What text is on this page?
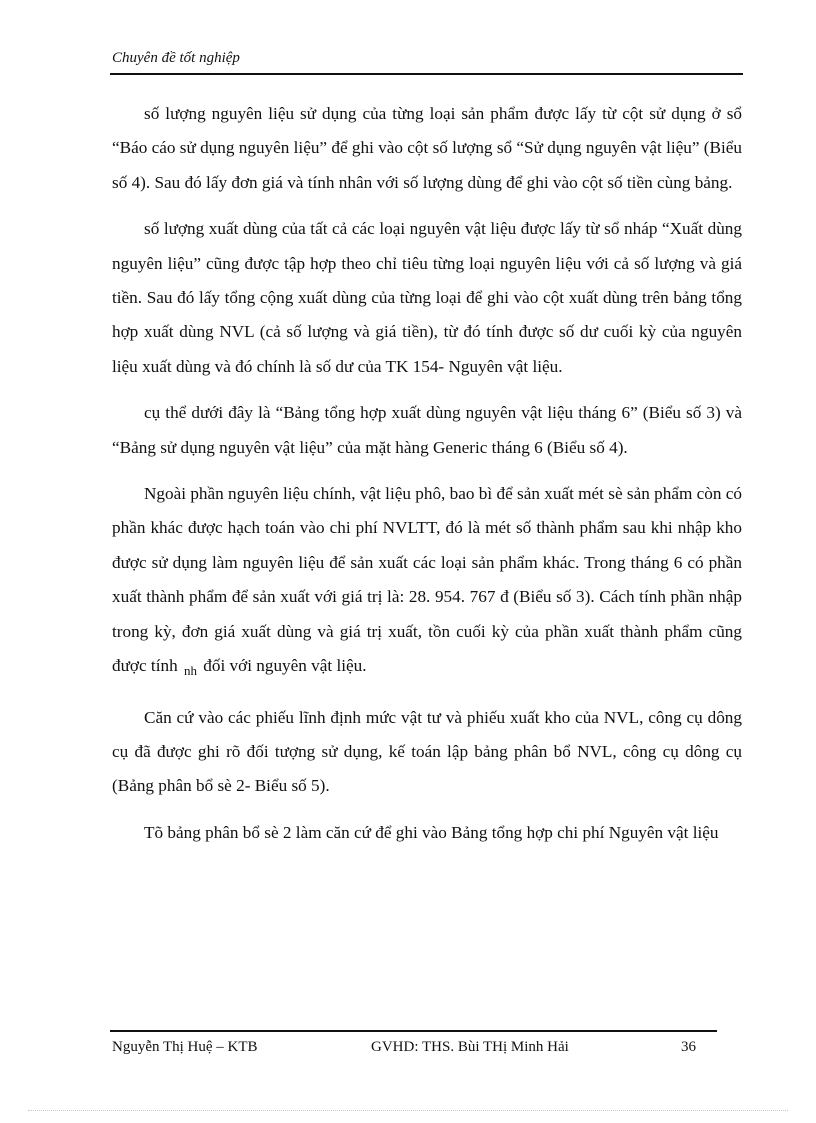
Chuyên đề tốt nghiệp

số lượng nguyên liệu sử dụng của từng loại sản phẩm được lấy từ cột sử dụng ở sổ “Báo cáo sử dụng nguyên liệu” để ghi vào cột số lượng sổ “Sử dụng nguyên vật liệu” (Biểu số 4). Sau đó lấy đơn giá và tính nhân với số lượng dùng để ghi vào cột số tiền cùng bảng.

số lượng xuất dùng của tất cả các loại nguyên vật liệu được lấy từ sổ nháp “Xuất dùng nguyên liệu” cũng được tập hợp theo chỉ tiêu từng loại nguyên liệu với cả số lượng và giá tiền. Sau đó lấy tổng cộng xuất dùng của từng loại để ghi vào cột xuất dùng trên bảng tổng hợp xuất dùng NVL (cả số lượng và giá tiền), từ đó tính được số dư cuối kỳ của nguyên liệu xuất dùng và đó chính là số dư của TK 154- Nguyên vật liệu.

cụ thể dưới đây là “Bảng tổng hợp xuất dùng nguyên vật liệu tháng 6” (Biểu số 3) và “Bảng sử dụng nguyên vật liệu” của mặt hàng Generic tháng 6 (Biểu số 4).

Ngoài phần nguyên liệu chính, vật liệu phô, bao bì để sản xuất mét sè sản phẩm còn có phần khác được hạch toán vào chi phí NVLTT, đó là mét số thành phẩm sau khi nhập kho được sử dụng làm nguyên liệu để sản xuất các loại sản phẩm khác. Trong tháng 6 có phần xuất thành phẩm để sản xuất với giá trị là: 28. 954. 767 đ (Biểu số 3). Cách tính phần nhập trong kỳ, đơn giá xuất dùng và giá trị xuất, tồn cuối kỳ của phần xuất thành phẩm cũng được tính $_{nh}$ đối với nguyên vật liệu.

Căn cứ vào các phiếu lĩnh định mức vật tư và phiếu xuất kho của NVL, công cụ dông cụ đã được ghi rõ đối tượng sử dụng, kế toán lập bảng phân bổ NVL, công cụ dông cụ (Bảng phân bổ sè 2- Biểu số 5).

Tõ bảng phân bổ sè 2 làm căn cứ để ghi vào Bảng tổng hợp chi phí Nguyên vật liệu

Nguyễn Thị Huệ – KTB	GVHD: THS. Bùi THị Minh Hải	36
